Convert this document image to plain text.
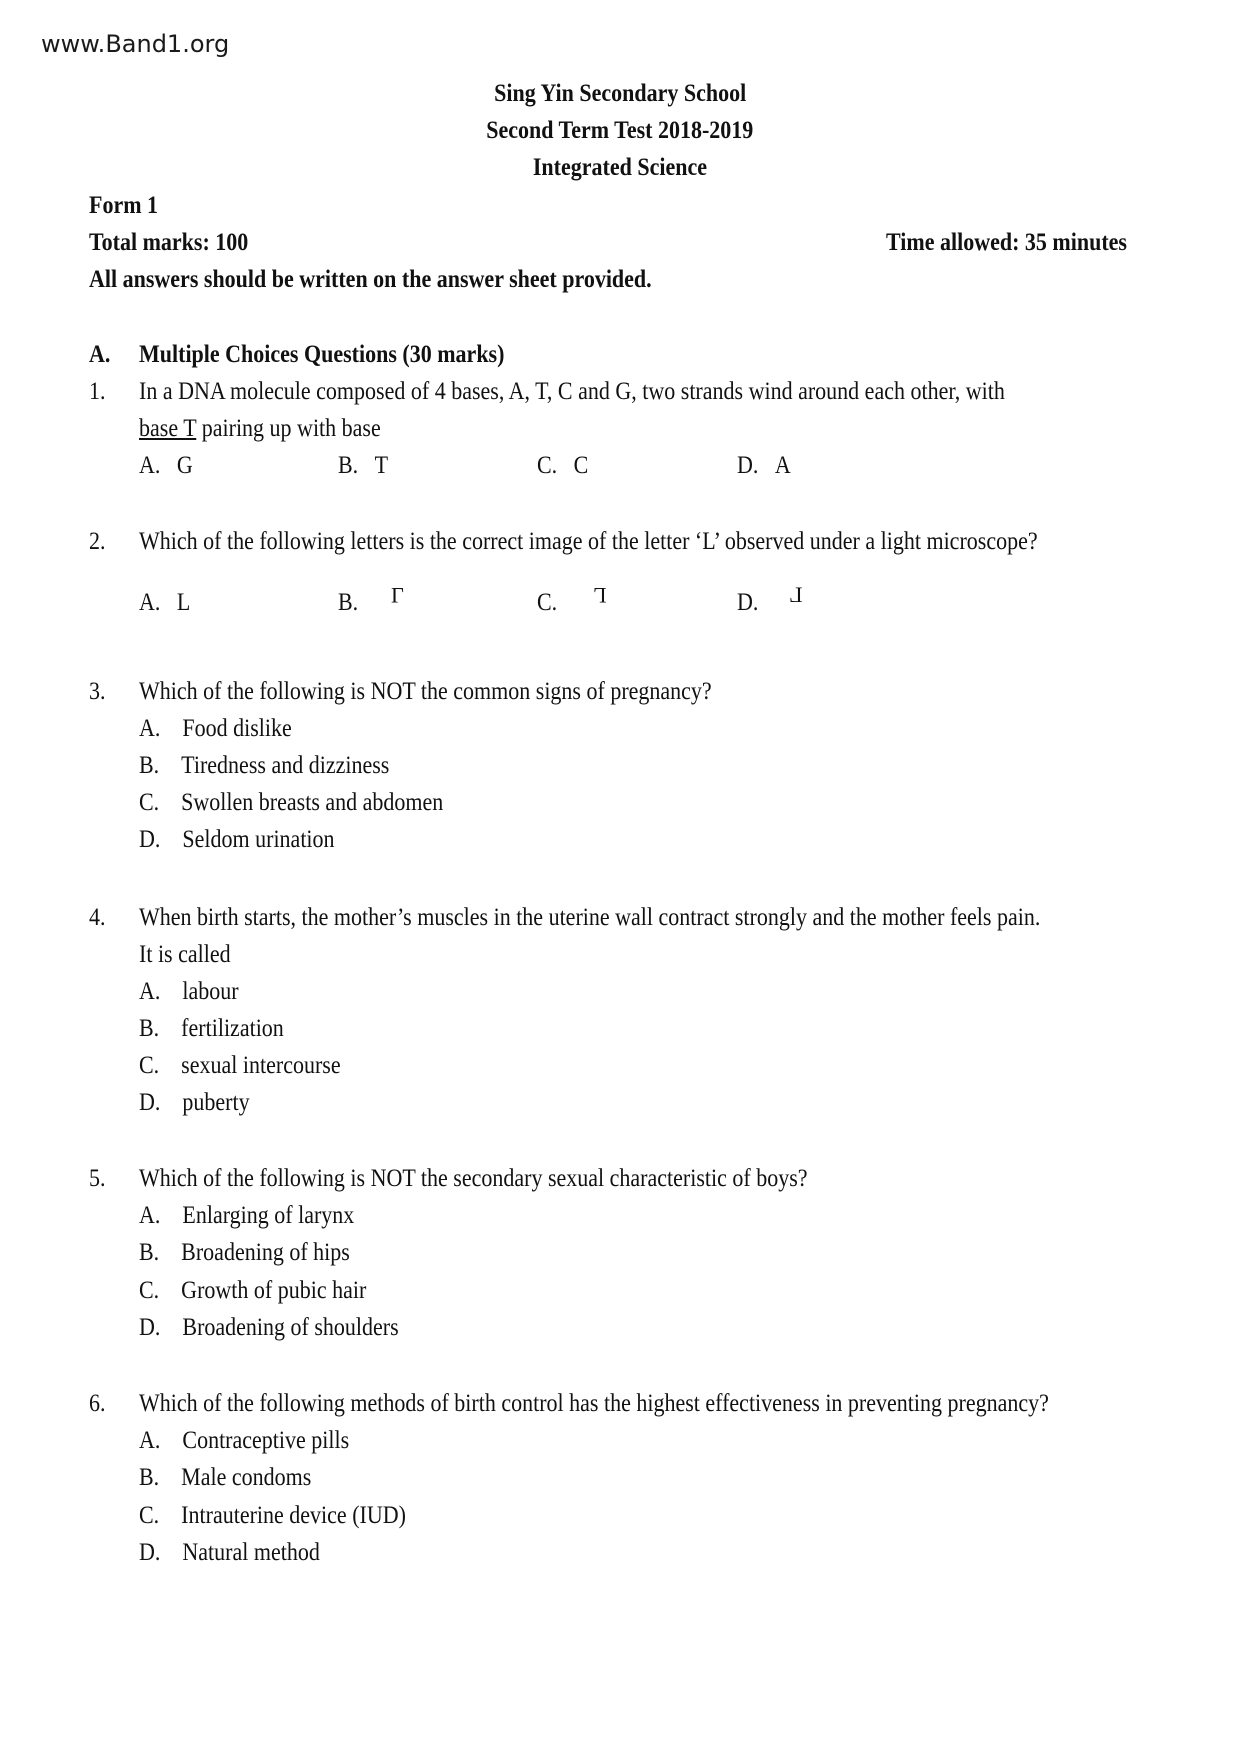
www.Band1.org
Sing Yin Secondary School
Second Term Test 2018-2019
Integrated Science
Form 1
Total marks: 100	Time allowed: 35 minutes
All answers should be written on the answer sheet provided.
A. Multiple Choices Questions (30 marks)
1. In a DNA molecule composed of 4 bases, A, T, C and G, two strands wind around each other, with
base T pairing up with base
A. G	B. T	C. C	D. A
2. Which of the following letters is the correct image of the letter ‘L’ observed under a light microscope?
A. L	B. L	C. L	D. L
3. Which of the following is NOT the common signs of pregnancy?
A. Food dislike
B. Tiredness and dizziness
C. Swollen breasts and abdomen
D. Seldom urination
4. When birth starts, the mother’s muscles in the uterine wall contract strongly and the mother feels pain.
It is called
A. labour
B. fertilization
C. sexual intercourse
D. puberty
5. Which of the following is NOT the secondary sexual characteristic of boys?
A. Enlarging of larynx
B. Broadening of hips
C. Growth of pubic hair
D. Broadening of shoulders
6. Which of the following methods of birth control has the highest effectiveness in preventing pregnancy?
A. Contraceptive pills
B. Male condoms
C. Intrauterine device (IUD)
D. Natural method
